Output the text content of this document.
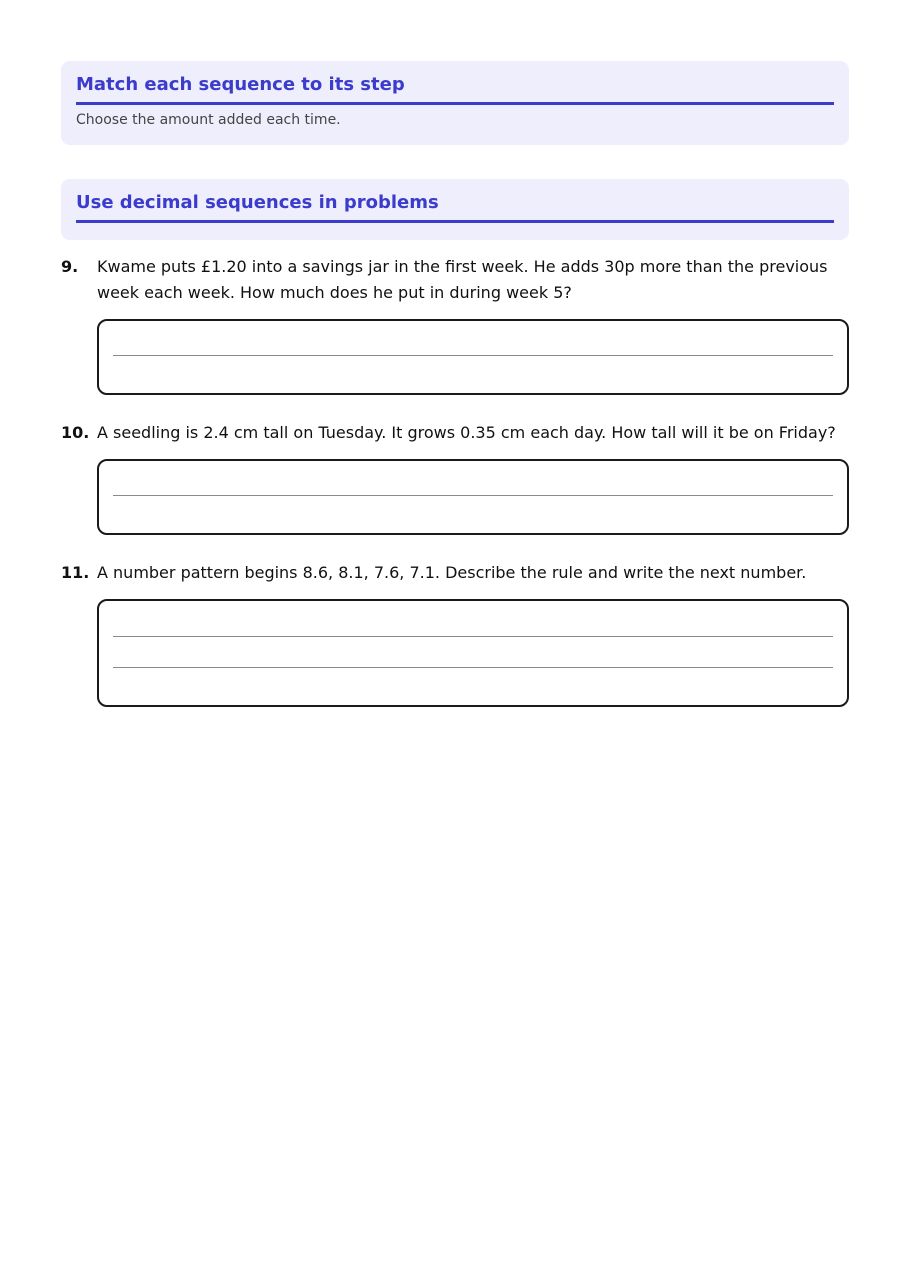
Match each sequence to its step
Choose the amount added each time.
Use decimal sequences in problems
9. Kwame puts £1.20 into a savings jar in the first week. He adds 30p more than the previous week each week. How much does he put in during week 5?
10. A seedling is 2.4 cm tall on Tuesday. It grows 0.35 cm each day. How tall will it be on Friday?
11. A number pattern begins 8.6, 8.1, 7.6, 7.1. Describe the rule and write the next number.
